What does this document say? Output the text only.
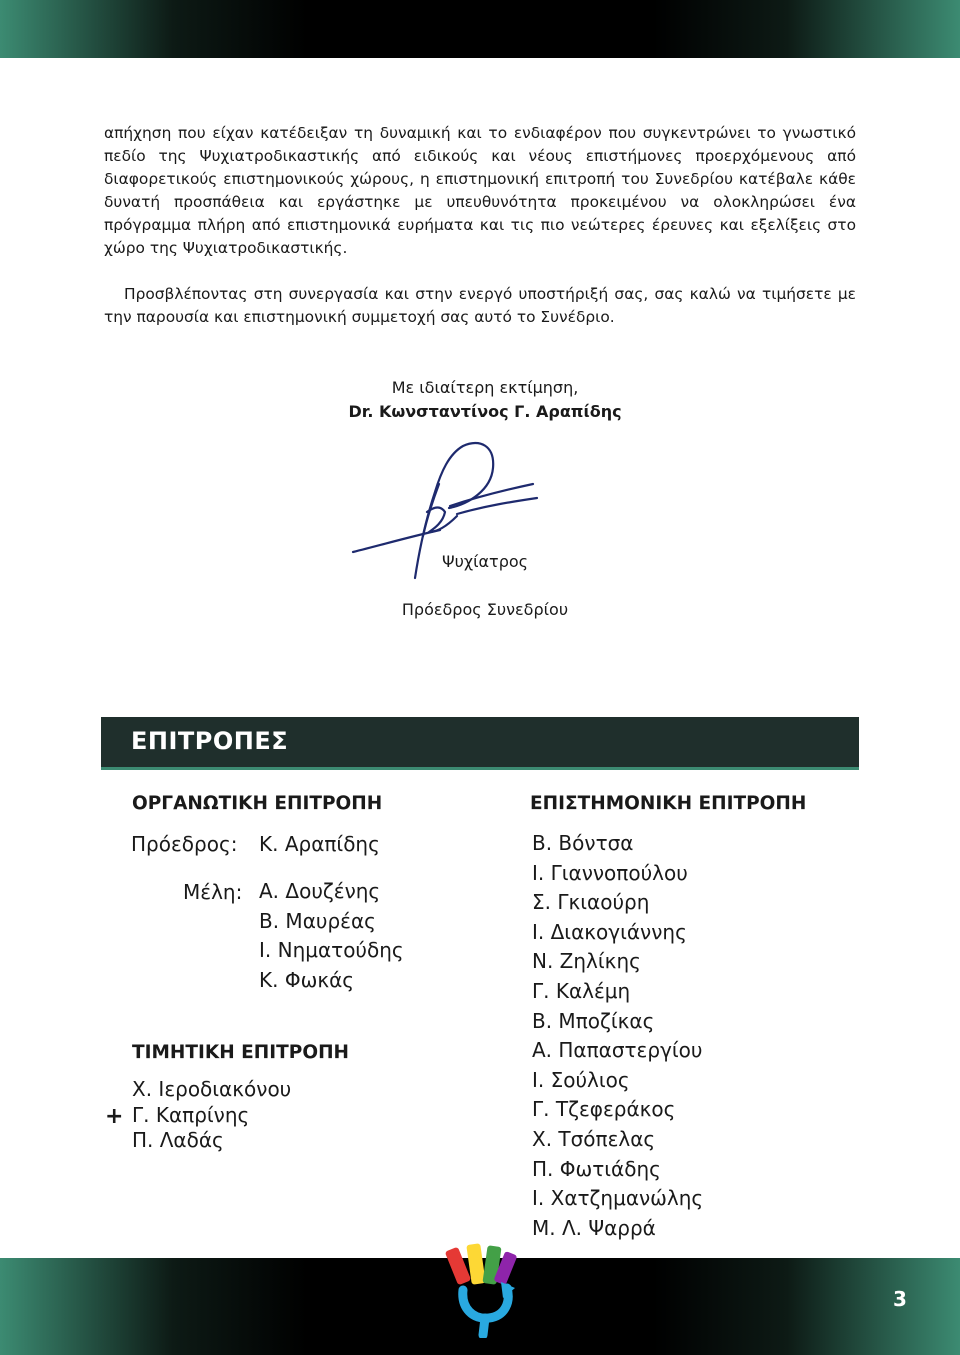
απήχηση που είχαν κατέδειξαν τη δυναμική και το ενδιαφέρον που συγκεντρώνει το γνωστικό πεδίο της Ψυχιατροδικαστικής από ειδικούς και νέους επιστήμονες προερχόμενους από διαφορετικούς επιστημονικούς χώρους, η επιστημονική επιτροπή του Συνεδρίου κατέβαλε κάθε δυνατή προσπάθεια και εργάστηκε με υπευθυνότητα προκειμένου να ολοκληρώσει ένα πρόγραμμα πλήρη από επιστημονικά ευρήματα και τις πιο νεώτερες έρευνες και εξελίξεις στο χώρο της Ψυχιατροδικαστικής.

Προσβλέποντας στη συνεργασία και στην ενεργό υποστήριξή σας, σας καλώ να τιμήσετε με την παρουσία και επιστημονική συμμετοχή σας αυτό το Συνέδριο.

Με ιδιαίτερη εκτίμηση,
Dr. Κωνσταντίνος Γ. Αραπίδης
Ψυχίατρος
Πρόεδρος Συνεδρίου
ΕΠΙΤΡΟΠΕΣ
ΟΡΓΑΝΩΤΙΚΗ ΕΠΙΤΡΟΠΗ
Πρόεδρος: Κ. Αραπίδης
Μέλη: Α. Δουζένης
Β. Μαυρέας
Ι. Νηματούδης
Κ. Φωκάς
ΤΙΜΗΤΙΚΗ ΕΠΙΤΡΟΠΗ
Χ. Ιεροδιακόνου
Γ. Καπρίνης
Π. Λαδάς
+
ΕΠΙΣΤΗΜΟΝΙΚΗ ΕΠΙΤΡΟΠΗ
Β. Βόντσα
Ι. Γιαννοπούλου
Σ. Γκιαούρη
Ι. Διακογιάννης
Ν. Ζηλίκης
Γ. Καλέμη
Β. Μποζίκας
Α. Παπαστεργίου
Ι. Σούλιος
Γ. Τζεφεράκος
Χ. Τσόπελας
Π. Φωτιάδης
Ι. Χατζημανώλης
Μ. Λ. Ψαρρά
3
